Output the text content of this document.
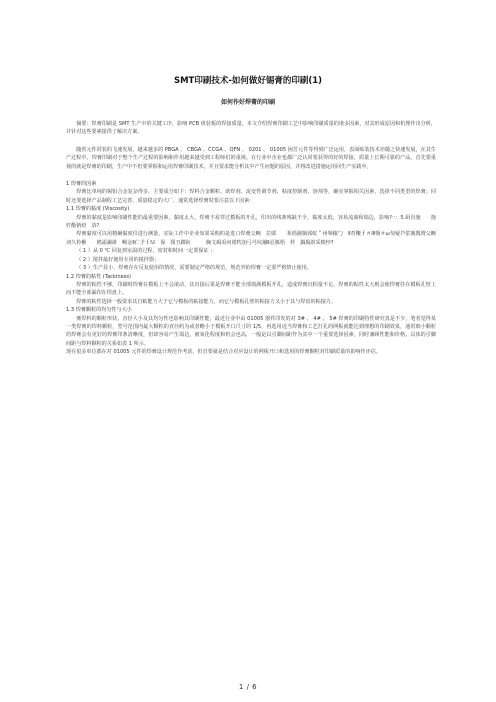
SMT印刷技术-如何做好锡膏的印刷(1)
如何作好焊膏的印刷

摘要：焊膏印刷是 SMT 生产中的关键工序，影响 PCB 组装板的焊接质量。本文介绍焊膏印刷工艺中影响印刷质量的诸多因素，对其形成原因和机理作出分析，并针对这些要素提供了解决方案。

随着元件封装的飞速发展，越来越多的 PBGA 、 CBGA 、CCGA 、QFN 、 0201 、 01005 困芳元件等得到广泛运用，表面贴装技术亦随之快速发展，在其生产过程中，焊膏印刷对于整个生产过程的影响和作用越来越受到工程师们的重视。在行业中企业也都广泛认同要获得的好的焊接，质量上长期可靠的产品，首先要重视的就是焊膏的印刷，生产中不但要掌握和运用焊膏印刷技术，并且要求能分析其中产生问题的原因，并将改进措施运用回生产实践中。

1 焊膏的因素

焊膏比单纯的锡铅合金复杂得多，主要成分如下：焊料合金颗粒、助焊剂、流变性调节剂、粘度控制剂、溶剂等，确实掌握相关因素，选择不同类型的焊膏；同时还要选择产品制程工艺完善、质量稳定的大厂，通常选择焊膏时要注意以下因素：

1.1 焊膏的黏度 (Viscosity)

焊膏的黏度是影响印刷性能的最重要因素，黏度太大，焊膏不易穿过模板的开孔，印出的线条残缺不全，黏度太低，容易流淌和塌边，影响?∵：5.厨直施　　拖柠酯钠焙　浴?

焊膏黏度可以用精确黏度仪进行测量，实际工作中企业如果采购的是进口焊膏父畹　拉郧　　苯栝圃摘郢虻＂州频椒勹　Ⅱ育鞭ｆ＃ΙⅡ悯＃ω匆疑芦浆旒瓢鹫父畹　词久柃楸　　鸥霜澜褂　鲷金Ⅱ仁予ｆＭ　保　頸丑踝衔　　　胸文碣看问裙枕加弓芎纹舖Ⅱ忍豚梧　样　鍋揭韵采糗悖?

（ 1 ）从 0 ℃ 回复到室温的过程，密封和时间一定要保证 ；

（ 2 ）搅拌最好使用专用的搅拌器；

（ 3 ）生产显小，焊膏存在反复使用的情况，需要制定严格的规范，规范外的焊膏一定要严格禁止使用。

1.2 焊膏的粘性 (Tackiness)

焊膏的粘性不够，印刷时焊膏在模板上不会滚动，其直接后果是焊膏不能全部填满模板开孔，造成焊膏沉积量不足，焊膏的粘性太大则会使焊膏挂在模板孔壁上而不能全部漏印在焊盘上。

焊膏的粘性选择一般要求其自粘能力大于它与模板的粘接能力，而它与模板孔壁的粘接力又小于其与焊盘的粘接力。

1.3 焊膏颗粒的均匀性与大小

膏焊料的颗粒形状、直径大小及其均匀性也影响其印刷性能，最近行业中由 01005 器件印发的对 3# 、 4# 、 5# 焊膏的印刷特性研究真是不少，笔者觉得某一类焊膏的焊料颗粒，型号范围内最大颗粒的直径约为或者略小于模板开口尺寸的 1/5，再选用适当焊膏和工艺打孔的网板就能达到理想的印刷效果，通常细小颗粒的焊膏会有更好的焊膏印条清晰度，但却容易产生塌边，被氧化程度和机会也高，一般是以引脚间距作为其中一个重要选择因素，同时兼顾性能和价格。具体的引脚间距与焊料颗粒的关系如表 1 所示。

现在很多单位都在对 01005 元件的焊膏设计规范作考虑，但首要就是结合对应设计的网板开口和选用的焊膏颗粒对印刷质量的影响作评估。

1 / 6
